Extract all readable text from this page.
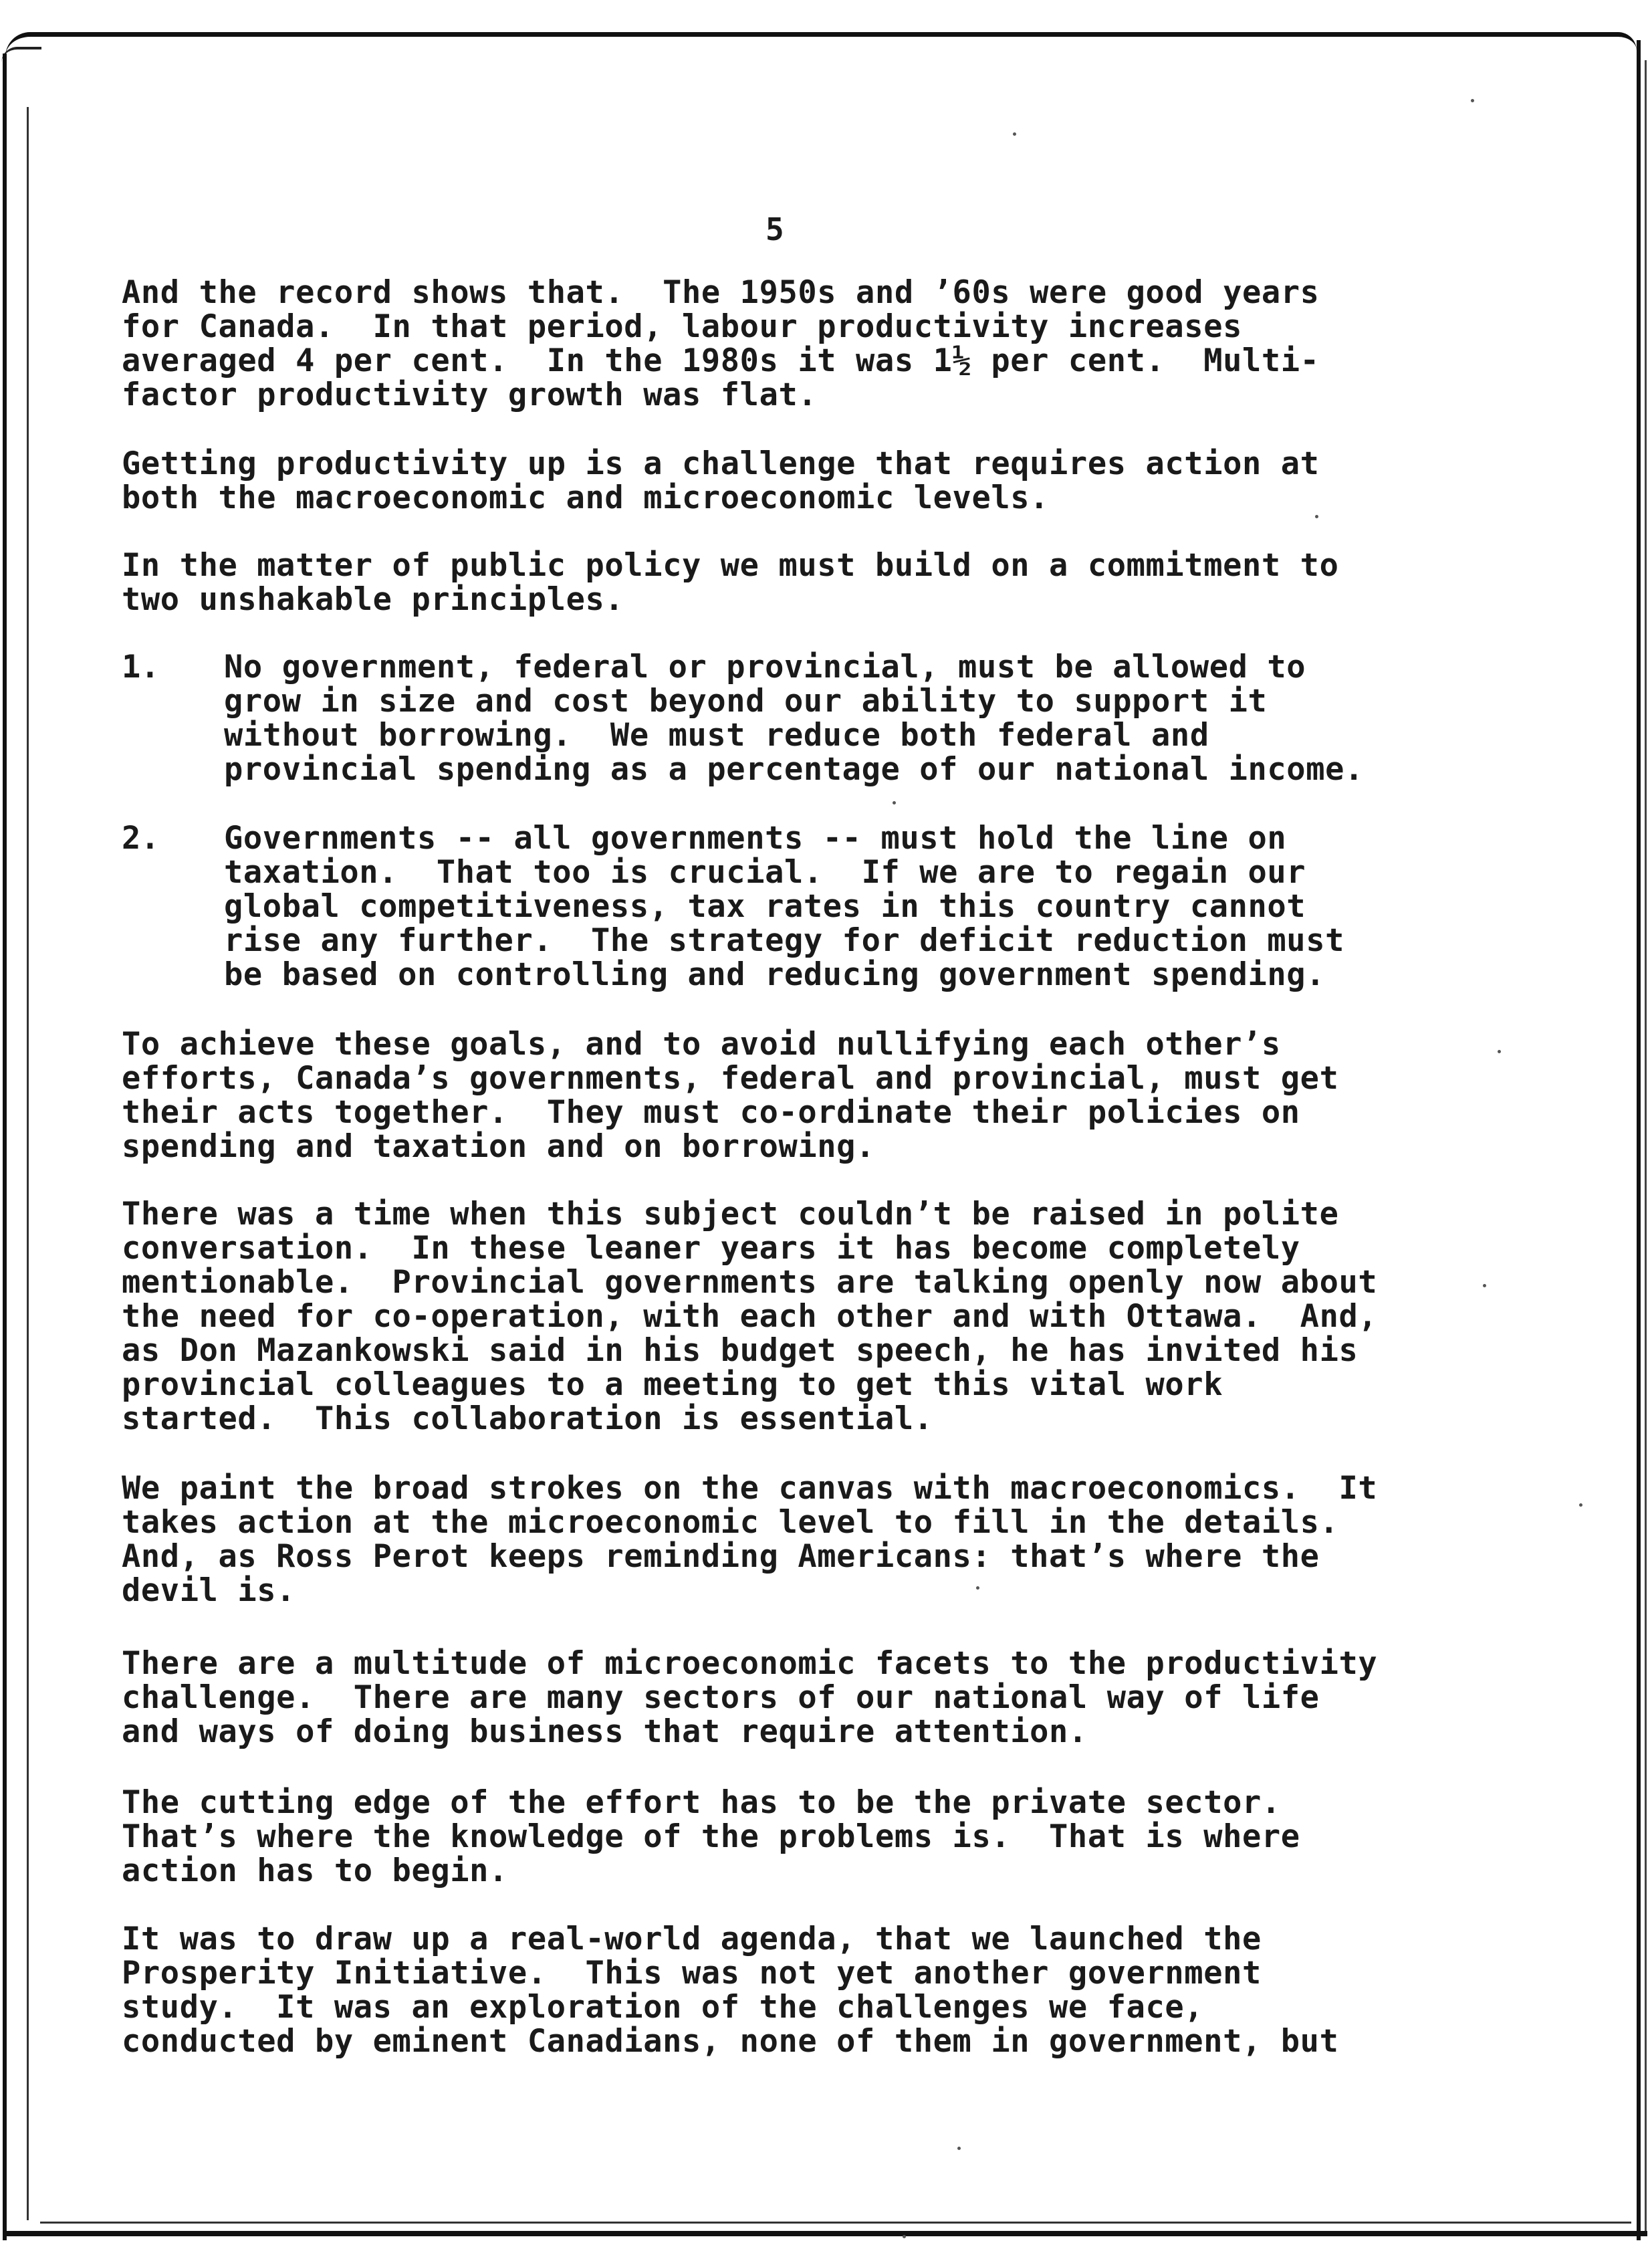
5
And the record shows that.  The 1950s and ’60s were good years
for Canada.  In that period, labour productivity increases
averaged 4 per cent.  In the 1980s it was 1½ per cent.  Multi-
factor productivity growth was flat.
Getting productivity up is a challenge that requires action at
both the macroeconomic and microeconomic levels.
In the matter of public policy we must build on a commitment to
two unshakable principles.
1. No government, federal or provincial, must be allowed to
grow in size and cost beyond our ability to support it
without borrowing.  We must reduce both federal and
provincial spending as a percentage of our national income.
2. Governments -- all governments -- must hold the line on
taxation.  That too is crucial.  If we are to regain our
global competitiveness, tax rates in this country cannot
rise any further.  The strategy for deficit reduction must
be based on controlling and reducing government spending.
To achieve these goals, and to avoid nullifying each other’s
efforts, Canada’s governments, federal and provincial, must get
their acts together.  They must co-ordinate their policies on
spending and taxation and on borrowing.
There was a time when this subject couldn’t be raised in polite
conversation.  In these leaner years it has become completely
mentionable.  Provincial governments are talking openly now about
the need for co-operation, with each other and with Ottawa.  And,
as Don Mazankowski said in his budget speech, he has invited his
provincial colleagues to a meeting to get this vital work
started.  This collaboration is essential.
We paint the broad strokes on the canvas with macroeconomics.  It
takes action at the microeconomic level to fill in the details.
And, as Ross Perot keeps reminding Americans: that’s where the
devil is.
There are a multitude of microeconomic facets to the productivity
challenge.  There are many sectors of our national way of life
and ways of doing business that require attention.
The cutting edge of the effort has to be the private sector.
That’s where the knowledge of the problems is.  That is where
action has to begin.
It was to draw up a real-world agenda, that we launched the
Prosperity Initiative.  This was not yet another government
study.  It was an exploration of the challenges we face,
conducted by eminent Canadians, none of them in government, but
